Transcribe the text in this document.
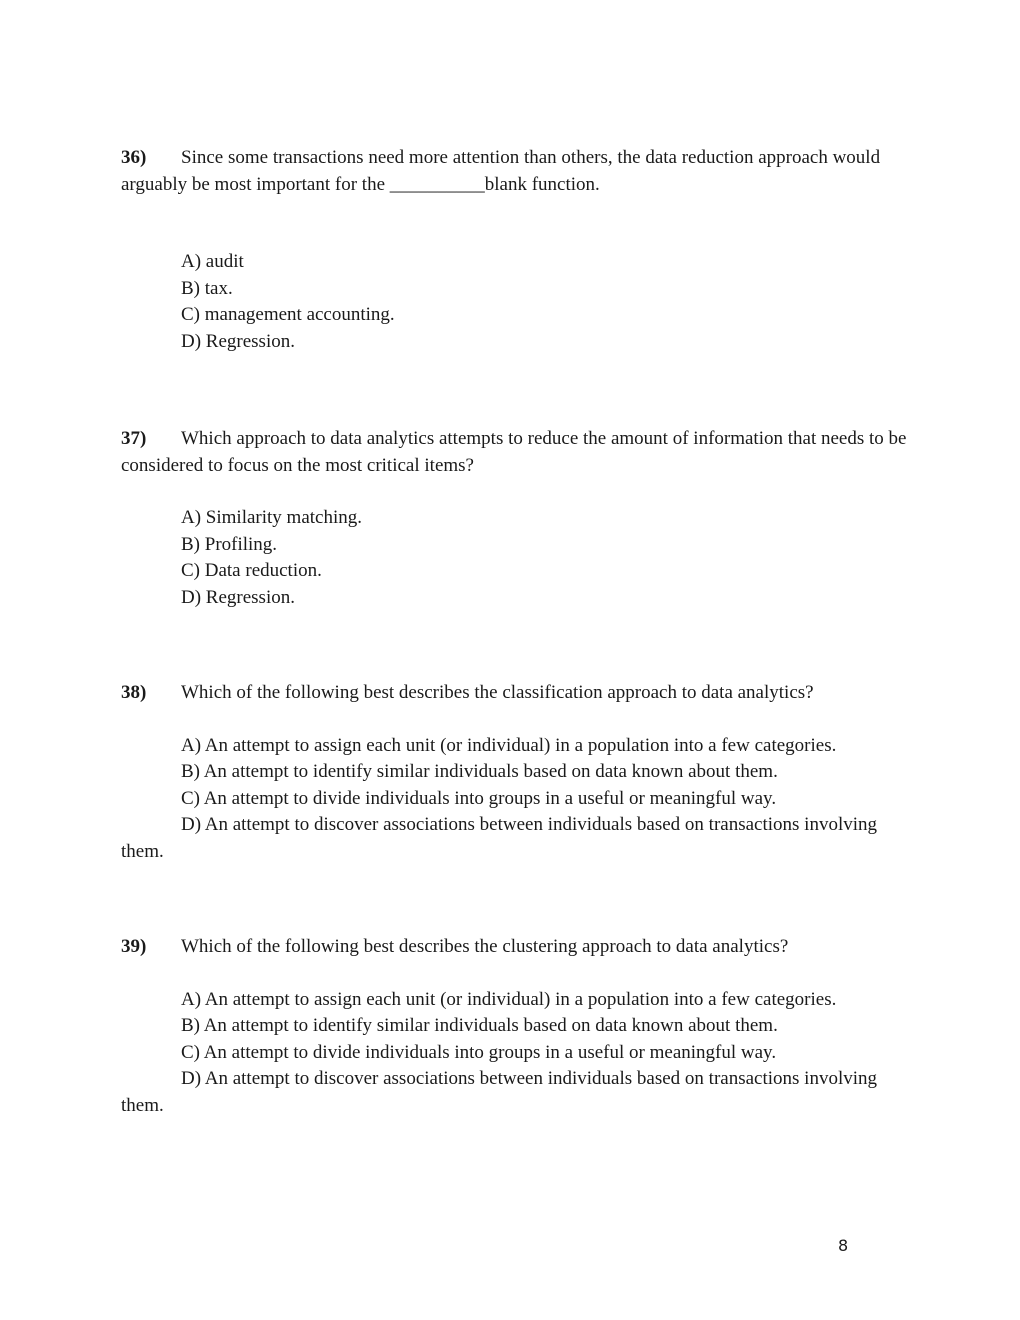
36) Since some transactions need more attention than others, the data reduction approach would arguably be most important for the __________blank function.

A) audit

B) tax.

C) management accounting.

D) Regression.

37) Which approach to data analytics attempts to reduce the amount of information that needs to be considered to focus on the most critical items?

A) Similarity matching.

B) Profiling.

C) Data reduction.

D) Regression.

38) Which of the following best describes the classification approach to data analytics?

A) An attempt to assign each unit (or individual) in a population into a few categories.

B) An attempt to identify similar individuals based on data known about them.

C) An attempt to divide individuals into groups in a useful or meaningful way.

D) An attempt to discover associations between individuals based on transactions involving them.

39) Which of the following best describes the clustering approach to data analytics?

A) An attempt to assign each unit (or individual) in a population into a few categories.

B) An attempt to identify similar individuals based on data known about them.

C) An attempt to divide individuals into groups in a useful or meaningful way.

D) An attempt to discover associations between individuals based on transactions involving them.

8
